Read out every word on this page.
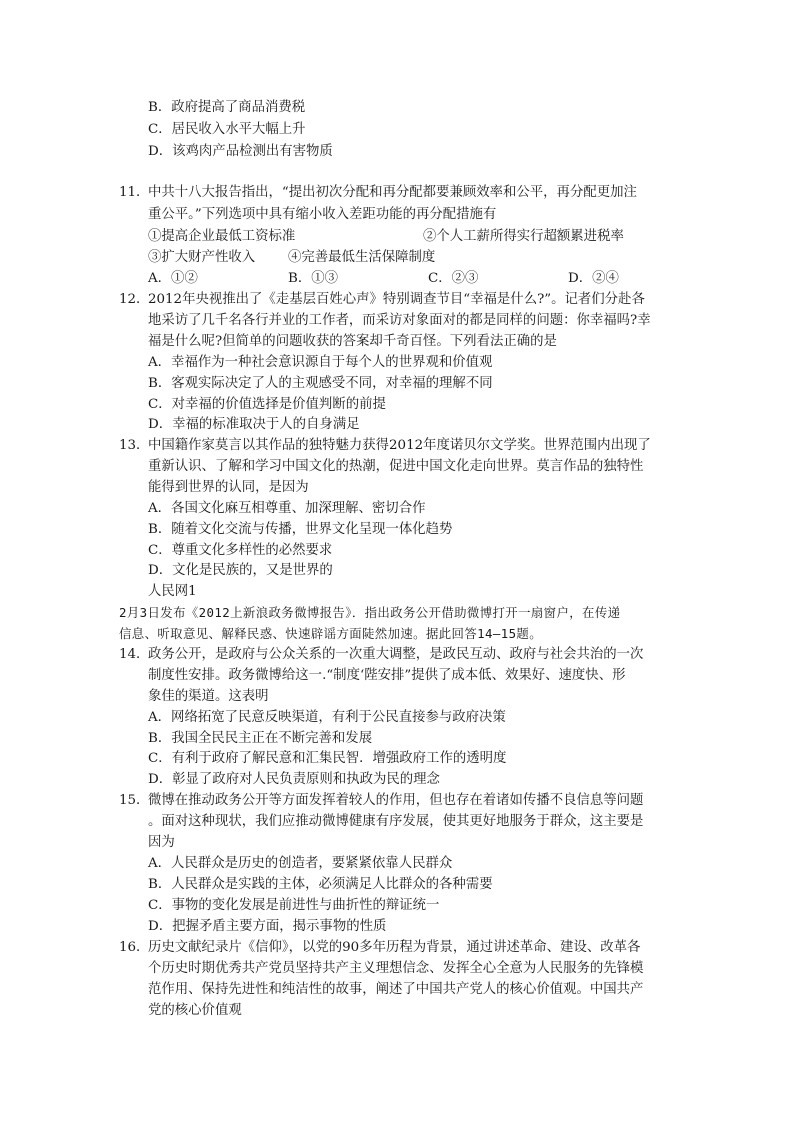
B．政府提高了商品消费税
C．居民收入水平大幅上升
D．该鸡肉产品检测出有害物质
11．
中共十八大报告指出，“提出初次分配和再分配都要兼顾效率和公平，再分配更加注
重公平。”下列选项中具有缩小收入差距功能的再分配措施有
①提高企业最低工资标准	②个人工薪所得实行超额累进税率
③扩大财产性收入 ④完善最低生活保障制度
A．①②	B．①③	C．②③	D．②④
12．
2012年央视推出了《走基层百姓心声》特别调查节目“幸福是什么?”。记者们分赴各
地采访了几千名各行并业的工作者，而采访对象面对的都是同样的问题：你幸福吗?幸
福是什么呢?但简单的问题收获的答案却千奇百怪。下列看法正确的是
A．幸福作为一种社会意识源自于每个人的世界观和价值观
B．客观实际决定了人的主观感受不同，对幸福的理解不同
C．对幸福的价值选择是价值判断的前提
D．幸福的标准取决于人的自身满足
13．
中国籍作家莫言以其作品的独特魅力获得2012年度诺贝尔文学奖。世界范围内出现了
重新认识、了解和学习中国文化的热潮，促进中国文化走向世界。莫言作品的独特性
能得到世界的认同，是因为
A．各国文化麻互相尊重、加深理解、密切合作
B．随着文化交流与传播，世界文化呈现一体化趋势
C．尊重文化多样性的必然要求
D．文化是民族的，又是世界的
人民网1
2月3日发布《2012上新浪政务微博报告》．指出政务公开借助微博打开一扇窗户，在传递
信息、听取意见、解释民惑、快速辟谣方面陡然加速。据此回答14—15题。
14．
政务公开，是政府与公众关系的一次重大调整，是政民互动、政府与社会共治的一次
制度性安排。政务微博给这一.“制度‘陛安排”提供了成本低、效果好、速度快、形
象佳的渠道。这表明
A．网络拓宽了民意反映渠道，有利于公民直接参与政府决策
B．我国全民民主正在不断完善和发展
C．有利于政府了解民意和汇集民智．增强政府工作的透明度
D．彰显了政府对人民负责原则和执政为民的理念
15．
微博在推动政务公开等方面发挥着较人的作用，但也存在着诸如传播不良信息等问题
。面对这种现状，我们应推动微博健康有序发展，使其更好地服务于群众，这主要是
因为
A．人民群众是历史的创造者，要紧紧依靠人民群众
B．人民群众是实践的主体，必须满足人比群众的各种需要
C．事物的变化发展是前进性与曲折性的辩证统一
D．把握矛盾主要方面，揭示事物的性质
16．
历史文献纪录片《信仰》，以党的90多年历程为背景，通过讲述革命、建设、改革各
个历史时期优秀共产党员坚持共产主义理想信念、发挥全心全意为人民服务的先锋模
范作用、保持先进性和纯洁性的故事，阐述了中国共产党人的核心价值观。中国共产
党的核心价值观
